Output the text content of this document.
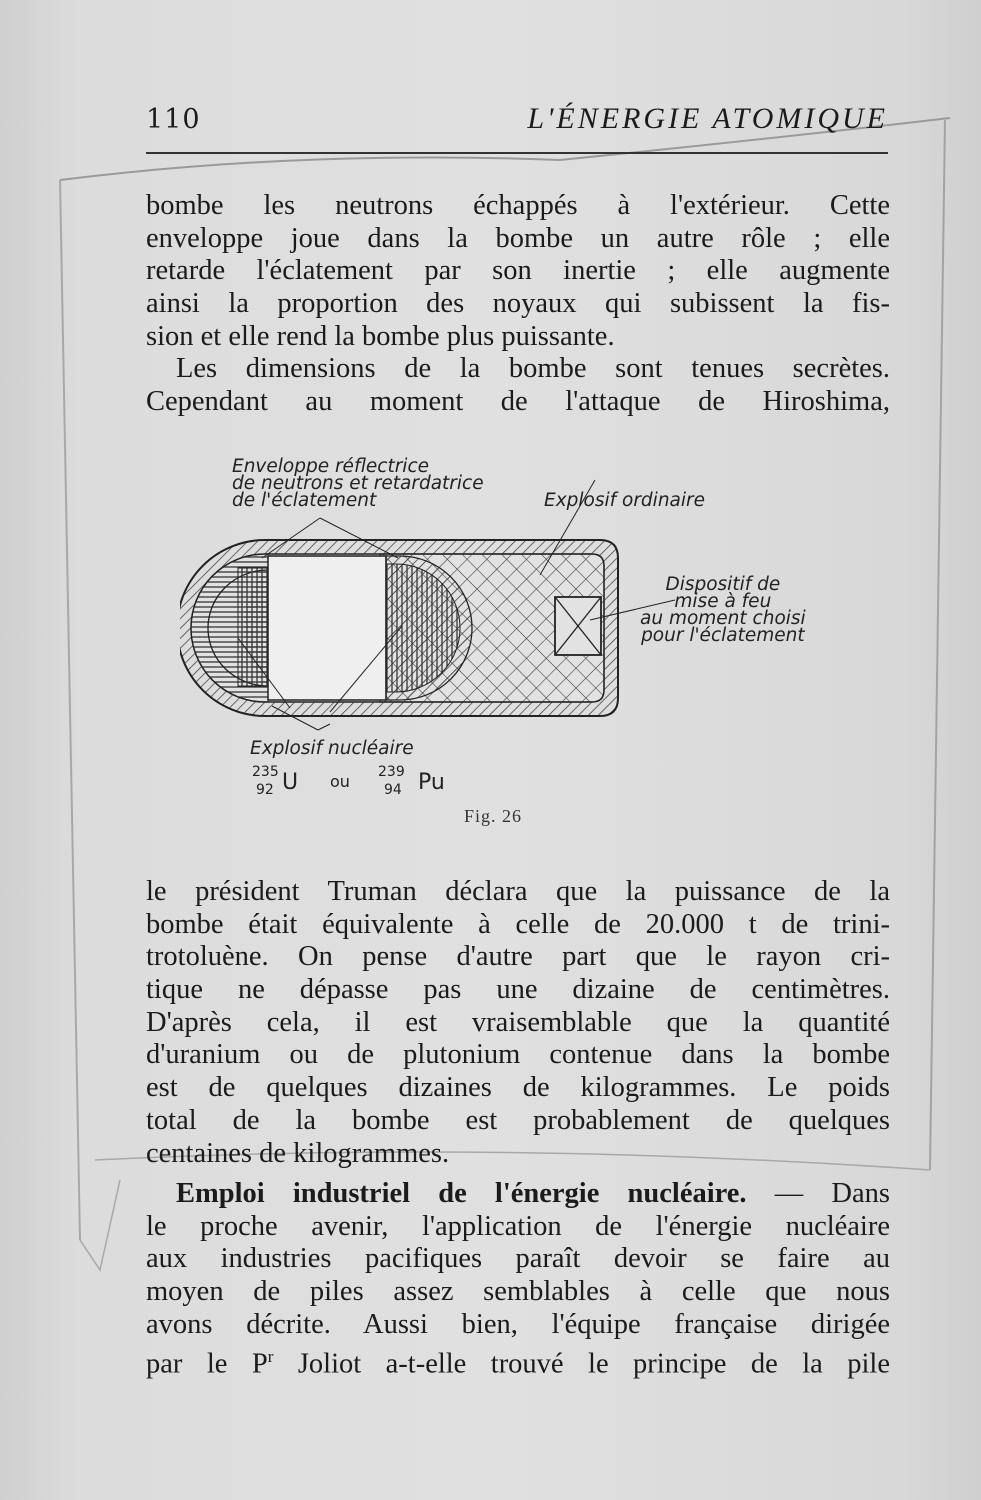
110	L'ÉNERGIE ATOMIQUE
bombe les neutrons échappés à l'extérieur. Cette
enveloppe joue dans la bombe un autre rôle ; elle
retarde l'éclatement par son inertie ; elle augmente
ainsi la proportion des noyaux qui subissent la fis-
sion et elle rend la bombe plus puissante.
Les dimensions de la bombe sont tenues secrètes.
Cependant au moment de l'attaque de Hiroshima,
Enveloppe réflectrice
de neutrons et retardatrice
de l'éclatement	Explosif ordinaire
Dispositif de
mise à feu
au moment choisi
pour l'éclatement
Explosif nucléaire
235
92 U ou 239
94 Pu
Fig. 26
le président Truman déclara que la puissance de la
bombe était équivalente à celle de 20.000 t de trini-
trotoluène. On pense d'autre part que le rayon cri-
tique ne dépasse pas une dizaine de centimètres.
D'après cela, il est vraisemblable que la quantité
d'uranium ou de plutonium contenue dans la bombe
est de quelques dizaines de kilogrammes. Le poids
total de la bombe est probablement de quelques
centaines de kilogrammes.
Emploi industriel de l'énergie nucléaire. — Dans
le proche avenir, l'application de l'énergie nucléaire
aux industries pacifiques paraît devoir se faire au
moyen de piles assez semblables à celle que nous
avons décrite. Aussi bien, l'équipe française dirigée
par le $P^r$ Joliot a-t-elle trouvé le principe de la pile
